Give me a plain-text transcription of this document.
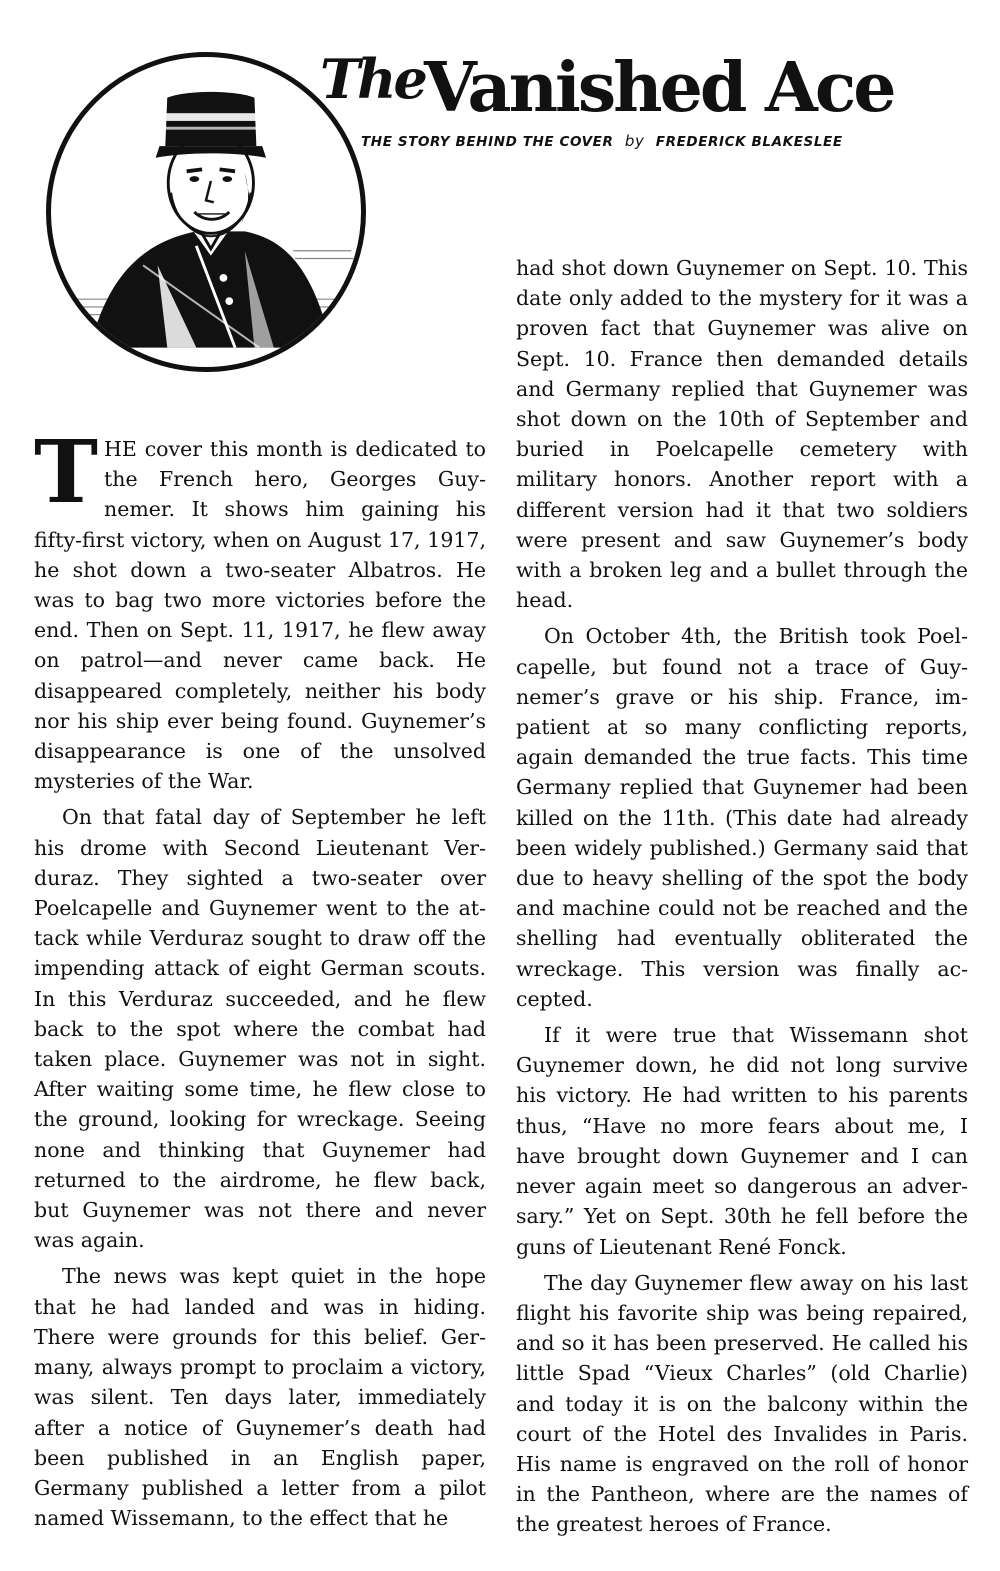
The Vanished Ace
THE STORY BEHIND THE COVER by FREDERICK BLAKESLEE

THE cover this month is dedicated to the French hero, Georges Guynemer. It shows him gaining his fifty-first victory, when on August 17, 1917, he shot down a two-seater Albatros. He was to bag two more victories before the end. Then on Sept. 11, 1917, he flew away on patrol—and never came back. He disappeared completely, neither his body nor his ship ever being found. Guynemer’s disappearance is one of the unsolved mysteries of the War.

On that fatal day of September he left his drome with Second Lieutenant Verduraz. They sighted a two-seater over Poelcapelle and Guynemer went to the attack while Verduraz sought to draw off the impending attack of eight German scouts. In this Verduraz succeeded, and he flew back to the spot where the combat had taken place. Guynemer was not in sight. After waiting some time, he flew close to the ground, looking for wreckage. Seeing none and thinking that Guynemer had returned to the airdrome, he flew back, but Guynemer was not there and never was again.

The news was kept quiet in the hope that he had landed and was in hiding. There were grounds for this belief. Germany, always prompt to proclaim a victory, was silent. Ten days later, immediately after a notice of Guynemer’s death had been published in an English paper, Germany published a letter from a pilot named Wissemann, to the effect that he

had shot down Guynemer on Sept. 10. This date only added to the mystery for it was a proven fact that Guynemer was alive on Sept. 10. France then demanded details and Germany replied that Guynemer was shot down on the 10th of September and buried in Poelcapelle cemetery with military honors. Another report with a different version had it that two soldiers were present and saw Guynemer’s body with a broken leg and a bullet through the head.

On October 4th, the British took Poelcapelle, but found not a trace of Guynemer’s grave or his ship. France, impatient at so many conflicting reports, again demanded the true facts. This time Germany replied that Guynemer had been killed on the 11th. (This date had already been widely published.) Germany said that due to heavy shelling of the spot the body and machine could not be reached and the shelling had eventually obliterated the wreckage. This version was finally accepted.

If it were true that Wissemann shot Guynemer down, he did not long survive his victory. He had written to his parents thus, “Have no more fears about me, I have brought down Guynemer and I can never again meet so dangerous an adversary.” Yet on Sept. 30th he fell before the guns of Lieutenant René Fonck.

The day Guynemer flew away on his last flight his favorite ship was being repaired, and so it has been preserved. He called his little Spad “Vieux Charles” (old Charlie) and today it is on the balcony within the court of the Hotel des Invalides in Paris. His name is engraved on the roll of honor in the Pantheon, where are the names of the greatest heroes of France.
